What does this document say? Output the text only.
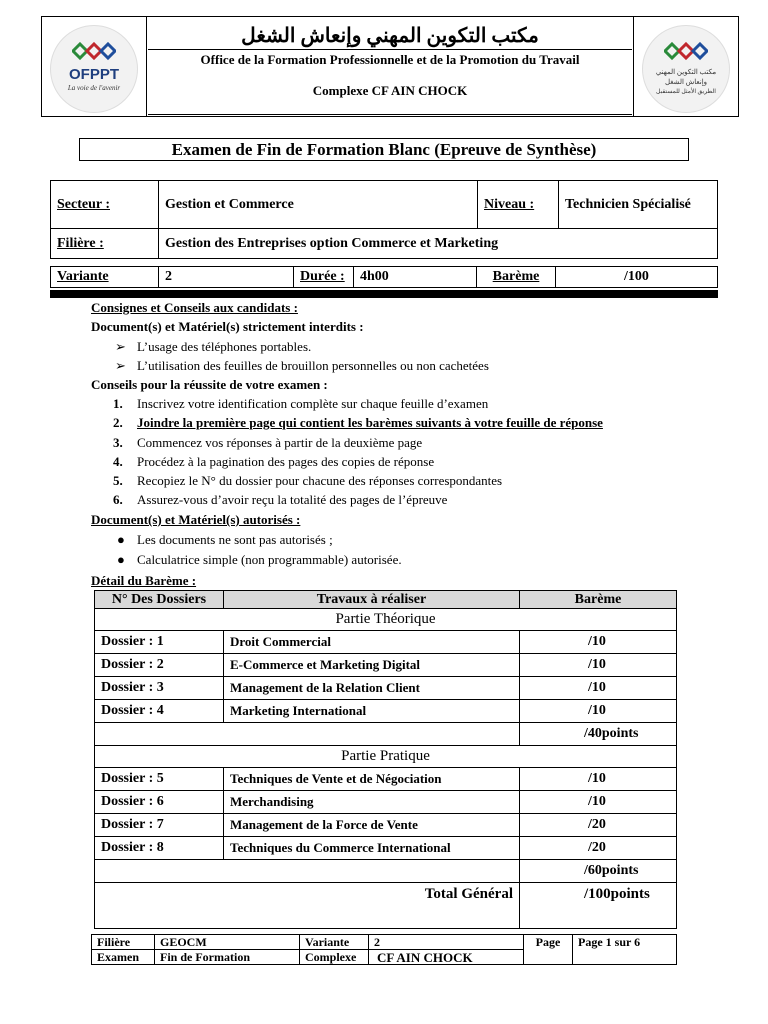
OFPPT
La voie de l'avenir
مكتب التكوين المهني
وإنعاش الشغل
الطريق الأمثل للمستقبل
مكتب التكوين المهني وإنعاش الشغل
Office de la Formation Professionnelle et de la Promotion du Travail
Complexe CF AIN CHOCK
Examen de Fin de Formation Blanc (Epreuve de Synthèse)
Secteur :	Gestion et Commerce	Niveau :	Technicien Spécialisé
Filière :	Gestion des Entreprises option Commerce et Marketing		
Variante	2	Durée :	4h00	Barème	/100
Consignes et Conseils aux candidats :
Document(s) et Matériel(s) strictement interdits :
➢ L’usage des téléphones portables.
➢ L’utilisation des feuilles de brouillon personnelles ou non cachetées
Conseils pour la réussite de votre examen :
1. Inscrivez votre identification complète sur chaque feuille d’examen
2. Joindre la première page qui contient les barèmes suivants à votre feuille de réponse
3. Commencez vos réponses à partir de la deuxième page
4. Procédez à la pagination des pages des copies de réponse
5. Recopiez le N° du dossier pour chacune des réponses correspondantes
6. Assurez-vous d’avoir reçu la totalité des pages de l’épreuve
Document(s) et Matériel(s) autorisés :
● Les documents ne sont pas autorisés ;
● Calculatrice simple (non programmable) autorisée.
Détail du Barème :
N° Des Dossiers	Travaux à réaliser	Barème
Partie Théorique		
Dossier : 1	Droit Commercial	/10
Dossier : 2	E-Commerce et Marketing Digital	/10
Dossier : 3	Management de la Relation Client	/10
Dossier : 4	Marketing International	/10
		/40points
Partie Pratique		
Dossier : 5	Techniques de Vente et de Négociation	/10
Dossier : 6	Merchandising	/10
Dossier : 7	Management de la Force de Vente	/20
Dossier : 8	Techniques du Commerce International	/20
		/60points
Total Général		/100points
Filière	GEOCM	Variante	2	Page	Page 1 sur 6
Examen	Fin de Formation	Complexe	CF AIN CHOCK		
